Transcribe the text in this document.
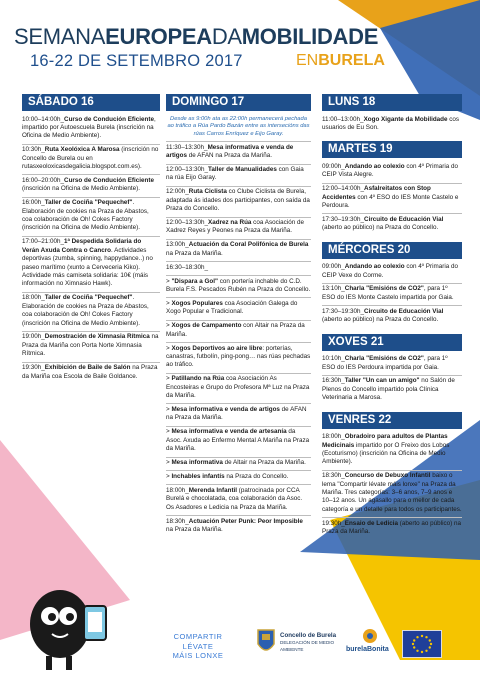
SEMANAEUROPEADAMOBILIDADE
16-22 DE SETEMBRO 2017	ENBURELA
SÁBADO 16
10:00–14:00h_Curso de Condución Eficiente, impartido por Autoescuela Burela (inscrición na Oficina de Medio Ambiente).
10:30h_Ruta Xeolóxica A Marosa (inscrición no Concello de Burela ou en rutasxeoloxicasdegalicia.blogspot.com.es).
16:00–20:00h_Curso de Condución Eficiente (inscrición na Oficina de Medio Ambiente).
16:00h_Taller de Cociña "Pequechef". Elaboración de cookies na Praza de Abastos, coa colaboración de Oh! Cokes Factory (inscrición na Oficina de Medio Ambiente).
17:00–21:00h_1ª Despedida Solidaria do Verán Axuda Contra o Cancro. Actividades deportivas (zumba, spinning, happydance..) no paseo marítimo (xunto a Cerveceria Kiko). Actividade más camiseta solidaria: 10€ (máis información no Ximnasio Hawk).
18:00h_Taller de Cociña "Pequechef". Elaboración de cookies na Praza de Abastos, coa colaboración de Oh! Cokes Factory (inscrición na Oficina de Medio Ambiente).
19:00h_Demostración de Ximnasia Rítmica na Praza da Mariña con Porta Norte Ximnasia Rítmica.
19:30h_Exhibición de Baile de Salón na Praza da Mariña coa Escola de Baile Goldance.
DOMINGO 17
Desde as 9:00h ata as 22:00h permanecerá pechada ao tráfico a Rúa Pardo Bazán entre as intersecións das rúas Carros Enríquez e Eijo Garay.
11:30–13:30h_Mesa informativa e venda de artigos de AFAN na Praza da Mariña.
12:00–13:30h_Taller de Manualidades con Gaia na rúa Eijo Garay.
12:00h_Ruta Ciclista co Clube Ciclista de Burela, adaptada ás idades dos participantes, con saída da Praza do Concello.
12:00–13:30h_Xadrez na Rúa coa Asociación de Xadrez Reyes y Peones na Praza da Mariña.
13:00h_Actuación da Coral Polifónica de Burela na Praza da Mariña.
16:30–18:30h_
> "Dispara a Gol" con portería inchable do C.D. Burela F.S. Pescados Rubén na Praza do Concello.
> Xogos Populares coa Asociación Galega do Xogo Popular e Tradicional.
> Xogos de Campamento con Altair na Praza da Mariña.
> Xogos Deportivos ao aire libre: porterías, canastras, futbolín, ping-pong… nas rúas pechadas ao tráfico.
> Patillando na Rúa coa Asociación As Encosteiras e Grupo do Profesora Mª Luz na Praza da Mariña.
> Mesa informativa e venda de artigos de AFAN na Praza da Mariña.
> Mesa informativa e venda de artesanía da Asoc. Axuda ao Enfermo Mental A Mariña na Praza da Mariña.
> Mesa informativa de Altair na Praza da Mariña.
> Inchables infantís na Praza do Concello.
18:00h_Merenda Infantil (patrocinada por CCA Burelá e chocolatada, coa colaboración da Asoc. Os Asadores e Ledicia na Praza da Mariña.
18:30h_Actuación Peter Punk: Peor Imposible na Praza da Mariña.
LUNS 18
11:00–13:00h_Xogo Xigante da Mobilidade cos usuarios de Eu Son.
MARTES 19
09:00h_Andando ao colexio con 4º Primaria do CEIP Vista Alegre.
12:00–14:00h_Asfalreitatos con Stop Accidentes con 4º ESO do IES Monte Castelo e Perdoura.
17:30–19:30h_Circuito de Educación Vial (aberto ao público) na Praza do Concello.
MÉRCORES 20
09:00h_Andando ao colexio con 4º Primaria do CEIP Vexe do Corme.
13:10h_Charla "Emisións de CO2", para 1º ESO do IES Monte Castelo impartida por Gaia.
17:30–19:30h_Circuito de Educación Vial (aberto ao público) na Praza do Concello.
XOVES 21
10:10h_Charla "Emisións de CO2", para 1º ESO do IES Perdoura impartida por Gaia.
16:30h_Taller "Un can un amigo" no Salón de Plenos do Concello impartido pola Clínica Veterinaria a Marosa.
VENRES 22
18:00h_Obradoiro para adultos de Plantas Medicinais impartido por O Freixo dos Lobos (Ecoturismo) (inscrición na Oficina de Medio Ambiente).
18:30h_Concurso de Debuxo Infantil baixo o lema "Compartir lévate máis lonxe" na Praza da Mariña. Tres categorías: 3–6 anos, 7–9 anos e 10–12 anos. Un agasallo para o mellor de cada categoría e un detalle para todos os participantes.
19:30h_Ensaio de Ledicia (aberto ao público) na Praza da Mariña.
COMPARTIR
LÉVATE
MÁIS LONXE
Concello de Burela
DELEGACIÓN DE MEDIO AMBIENTE	burelaBonita
